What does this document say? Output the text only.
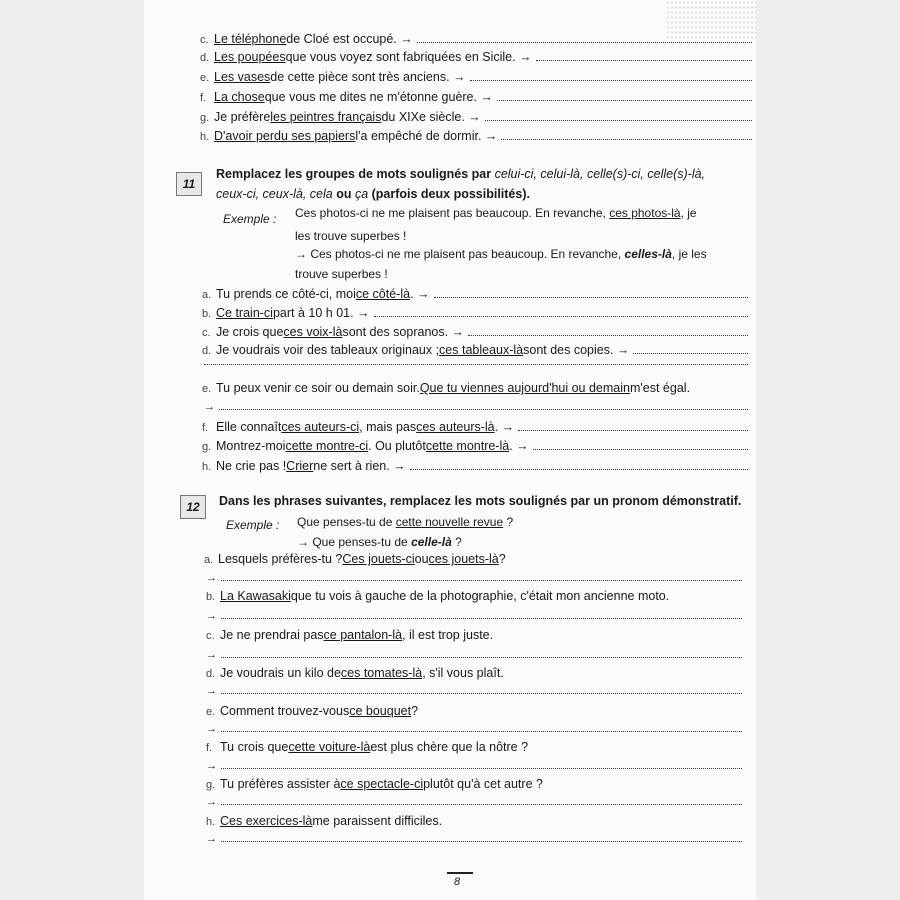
c. Le téléphone de Cloé est occupé. →
d. Les poupées que vous voyez sont fabriquées en Sicile. →
e. Les vases de cette pièce sont très anciens. →
f. La chose que vous me dites ne m'étonne guère. →
g. Je préfère les peintres français du XIXe siècle. →
h. D'avoir perdu ses papiers l'a empêché de dormir. →
11
Remplacez les groupes de mots soulignés par celui-ci, celui-là, celle(s)-ci, celle(s)-là,
ceux-ci, ceux-là, cela ou ça (parfois deux possibilités).
Exemple : Ces photos-ci ne me plaisent pas beaucoup. En revanche, ces photos-là, je
les trouve superbes !
→ Ces photos-ci ne me plaisent pas beaucoup. En revanche, celles-là, je les
trouve superbes !
a. Tu prends ce côté-ci, moi ce côté-là . →
b. Ce train-ci part à 10 h 01. →
c. Je crois que ces voix-là sont des sopranos. →
d. Je voudrais voir des tableaux originaux ; ces tableaux-là sont des copies. →
e. Tu peux venir ce soir ou demain soir. Que tu viennes aujourd'hui ou demain m'est égal.
→
f. Elle connaît ces auteurs-ci , mais pas ces auteurs-là . →
g. Montrez-moi cette montre-ci . Ou plutôt cette montre-là . →
h. Ne crie pas ! Crier ne sert à rien. →
12	Dans les phrases suivantes, remplacez les mots soulignés par un pronom démonstratif.
Exemple : Que penses-tu de cette nouvelle revue ?
→ Que penses-tu de celle-là ?
a. Lesquels préfères-tu ? Ces jouets-ci ou ces jouets-là ?
→
b. La Kawasaki que tu vois à gauche de la photographie, c'était mon ancienne moto.
→
c. Je ne prendrai pas ce pantalon-là , il est trop juste.
→
d. Je voudrais un kilo de ces tomates-là , s'il vous plaît.
→
e. Comment trouvez-vous ce bouquet ?
→
f. Tu crois que cette voiture-là est plus chère que la nôtre ?
→
g. Tu préfères assister à ce spectacle-ci plutôt qu'à cet autre ?
→
h. Ces exercices-là me paraissent difficiles.
→
8
